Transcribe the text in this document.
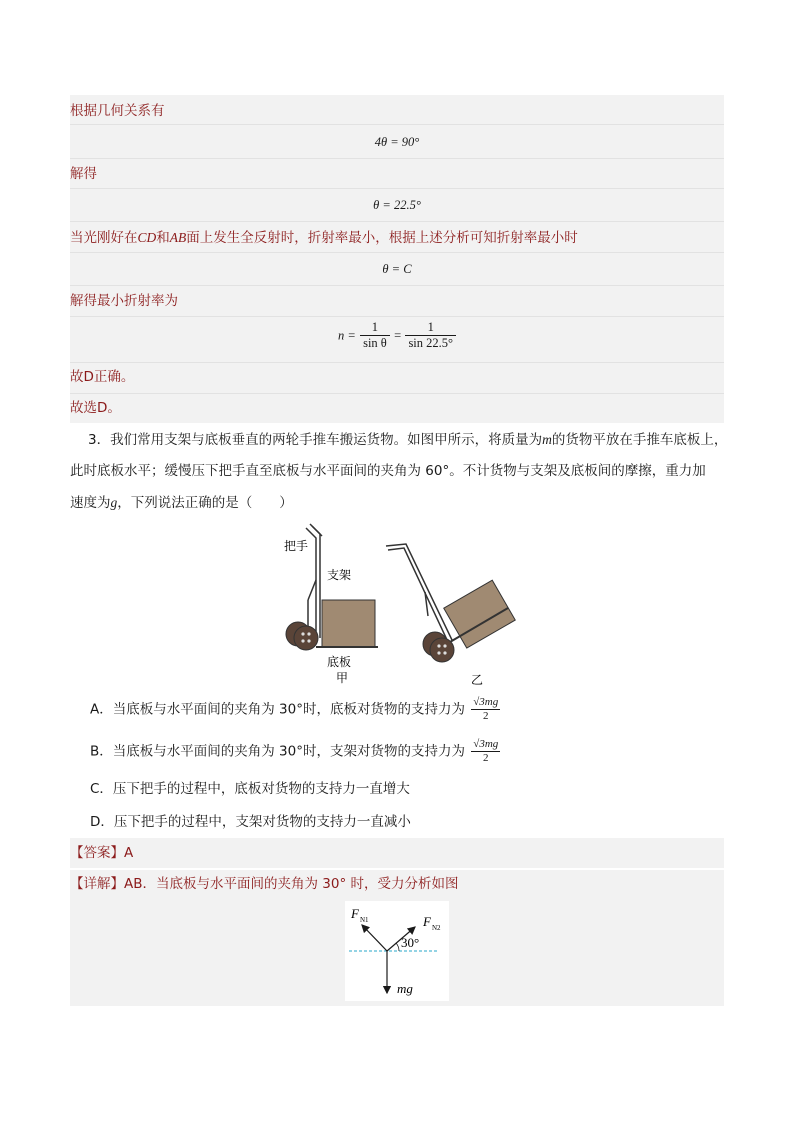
根据几何关系有
4θ = 90°
解得
θ = 22.5°
当光刚好在CD和AB面上发生全反射时，折射率最小，根据上述分析可知折射率最小时
θ = C
解得最小折射率为
$n = \frac{1}{\text{sin θ}} = \frac{1}{\sin 22.5^\circ}$
故D正确。
故选D。
3．我们常用支架与底板垂直的两轮手推车搬运货物。如图甲所示，将质量为m的货物平放在手推车底板上，
此时底板水平；缓慢压下把手直至底板与水平面间的夹角为 60°。不计货物与支架及底板间的摩擦，重力加
速度为g，下列说法正确的是（　　）
把手
支架
底板
甲	乙
A．当底板与水平面间的夹角为 30°时，底板对货物的支持力为 $\frac{√3mg}{2}$
B．当底板与水平面间的夹角为 30°时，支架对货物的支持力为 $\frac{√3mg}{2}$
C．压下把手的过程中，底板对货物的支持力一直增大
D．压下把手的过程中，支架对货物的支持力一直减小
【答案】A
【详解】AB．当底板与水平面间的夹角为 30° 时，受力分析如图
F N1	F N2
30°
mg
